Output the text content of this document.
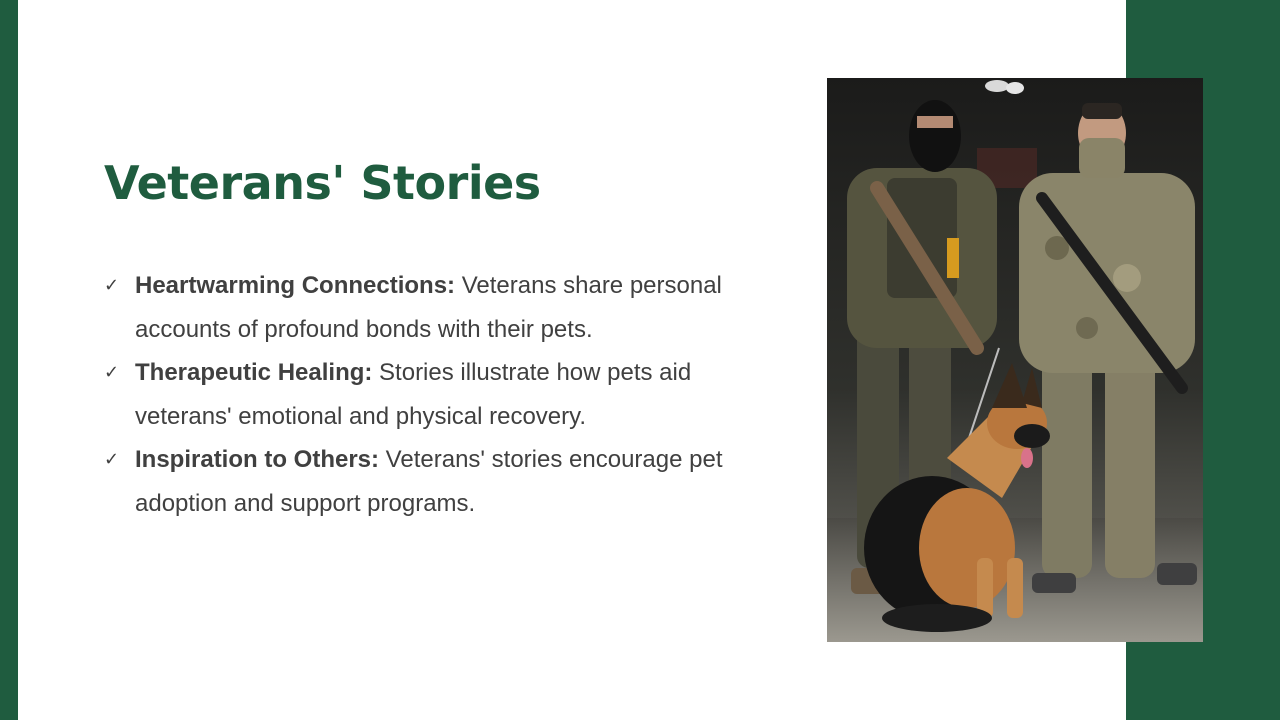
Veterans' Stories
✓ Heartwarming Connections: Veterans share personal accounts of profound bonds with their pets.
✓ Therapeutic Healing: Stories illustrate how pets aid veterans' emotional and physical recovery.
✓ Inspiration to Others: Veterans' stories encourage pet adoption and support programs.
